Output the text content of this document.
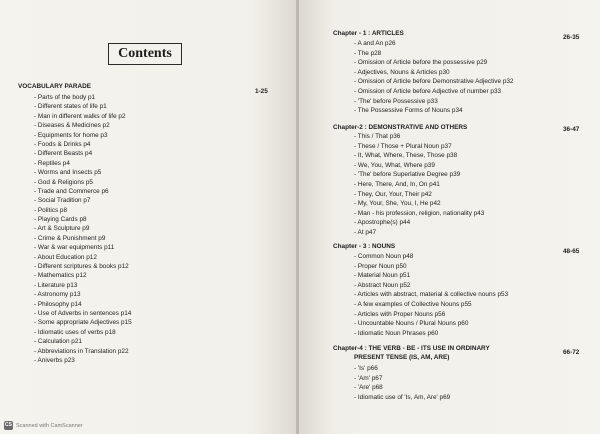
Contents
VOCABULARY PARADE
1-25
- Parts of the body p1
- Different states of life p1
- Man in different walks of life p2
- Diseases & Medicines p2
- Equipments for home p3
- Foods & Drinks p4
- Different Beasts p4
- Reptiles p4
- Worms and Insects p5
- God & Religions p5
- Trade and Commerce p6
- Social Tradition p7
- Politics p8
- Playing Cards p8
- Art & Sculpture p9
- Crime & Punishment p9
- War & war equipments p11
- About Education p12
- Different scriptures & books p12
- Mathematics p12
- Literature p13
- Astronomy p13
- Philosophy p14
- Use of Adverbs in sentences p14
- Some appropriate Adjectives p15
- Idiomatic uses of verbs p18
- Calculation p21
- Abbreviations in Translation p22
- Aniverbs p23
Chapter - 1 : ARTICLES
26-35
- A and An p26
- The p28
- Omission of Article before the possessive p29
- Adjectives, Nouns & Articles p30
- Omission of Article before Demonstrative Adjective p32
- Omission of Article before Adjective of number p33
- 'The' before Possessive p33
- The Possessive Forms of Nouns p34
Chapter-2 : DEMONSTRATIVE AND OTHERS	36-47
- This / That p36
- These / Those + Plural Noun p37
- It, What, Where, These, Those p38
- We, You, What, Where p39
- 'The' before Superlative Degree p39
- Here, There, And, In, On p41
- They, Our, Your, Their p42
- My, Your, She, You, I, He p42
- Man - his profession, religion, nationality p43
- Apostrophe(s) p44
- At p47
Chapter - 3 : NOUNS
48-65
- Common Noun p48
- Proper Noun p50
- Material Noun p51
- Abstract Noun p52
- Articles with abstract, material & collective nouns p53
- A few examples of Collective Nouns p55
- Articles with Proper Nouns p56
- Uncountable Nouns / Plural Nouns p60
- Idiomatic Noun Phrases p60
Chapter-4 : THE VERB - BE - ITS USE IN ORDINARY
PRESENT TENSE (IS, AM, ARE)
66-72
- 'Is' p66
- 'Am' p67
- 'Are' p68
- Idiomatic use of 'Is, Am, Are' p69
CS Scanned with CamScanner
